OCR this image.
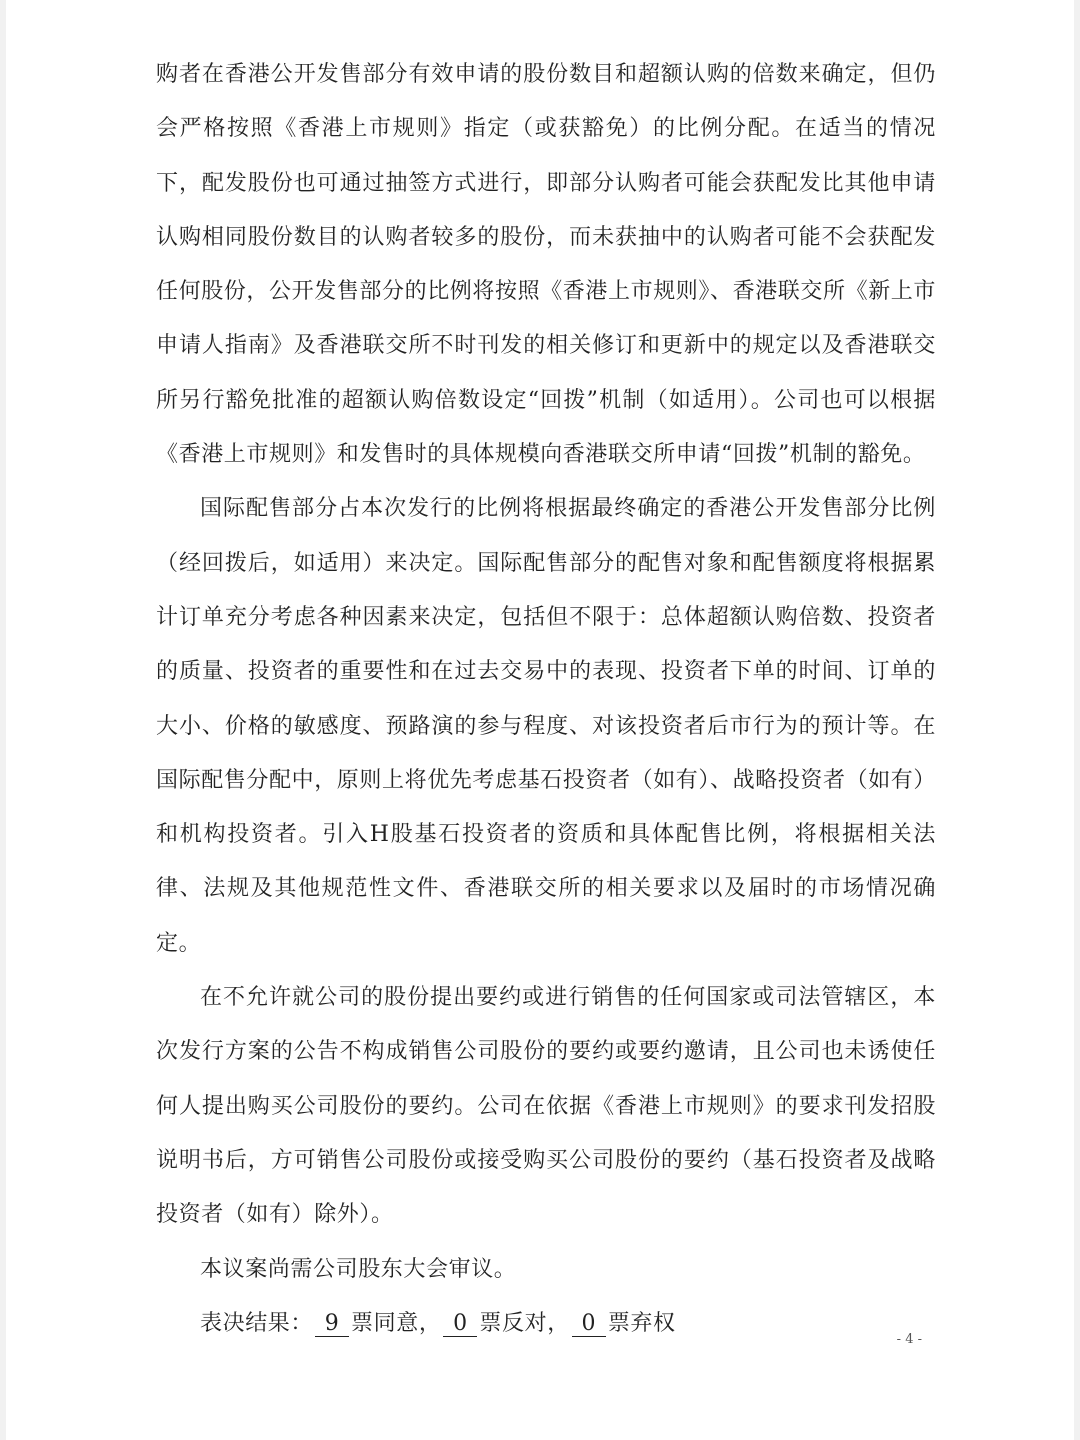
购者在香港公开发售部分有效申请的股份数目和超额认购的倍数来确定，但仍会严格按照《香港上市规则》指定（或获豁免）的比例分配。在适当的情况下，配发股份也可通过抽签方式进行，即部分认购者可能会获配发比其他申请认购相同股份数目的认购者较多的股份，而未获抽中的认购者可能不会获配发任何股份，公开发售部分的比例将按照《香港上市规则》、香港联交所《新上市申请人指南》及香港联交所不时刊发的相关修订和更新中的规定以及香港联交所另行豁免批准的超额认购倍数设定“回拨”机制（如适用）。公司也可以根据《香港上市规则》和发售时的具体规模向香港联交所申请“回拨”机制的豁免。

国际配售部分占本次发行的比例将根据最终确定的香港公开发售部分比例（经回拨后，如适用）来决定。国际配售部分的配售对象和配售额度将根据累计订单充分考虑各种因素来决定，包括但不限于：总体超额认购倍数、投资者的质量、投资者的重要性和在过去交易中的表现、投资者下单的时间、订单的大小、价格的敏感度、预路演的参与程度、对该投资者后市行为的预计等。在国际配售分配中，原则上将优先考虑基石投资者（如有）、战略投资者（如有）和机构投资者。引入H股基石投资者的资质和具体配售比例，将根据相关法律、法规及其他规范性文件、香港联交所的相关要求以及届时的市场情况确定。

在不允许就公司的股份提出要约或进行销售的任何国家或司法管辖区，本次发行方案的公告不构成销售公司股份的要约或要约邀请，且公司也未诱使任何人提出购买公司股份的要约。公司在依据《香港上市规则》的要求刊发招股说明书后，方可销售公司股份或接受购买公司股份的要约（基石投资者及战略投资者（如有）除外）。

本议案尚需公司股东大会审议。

表决结果： 9 票同意， 0 票反对， 0 票弃权

- 4 -
